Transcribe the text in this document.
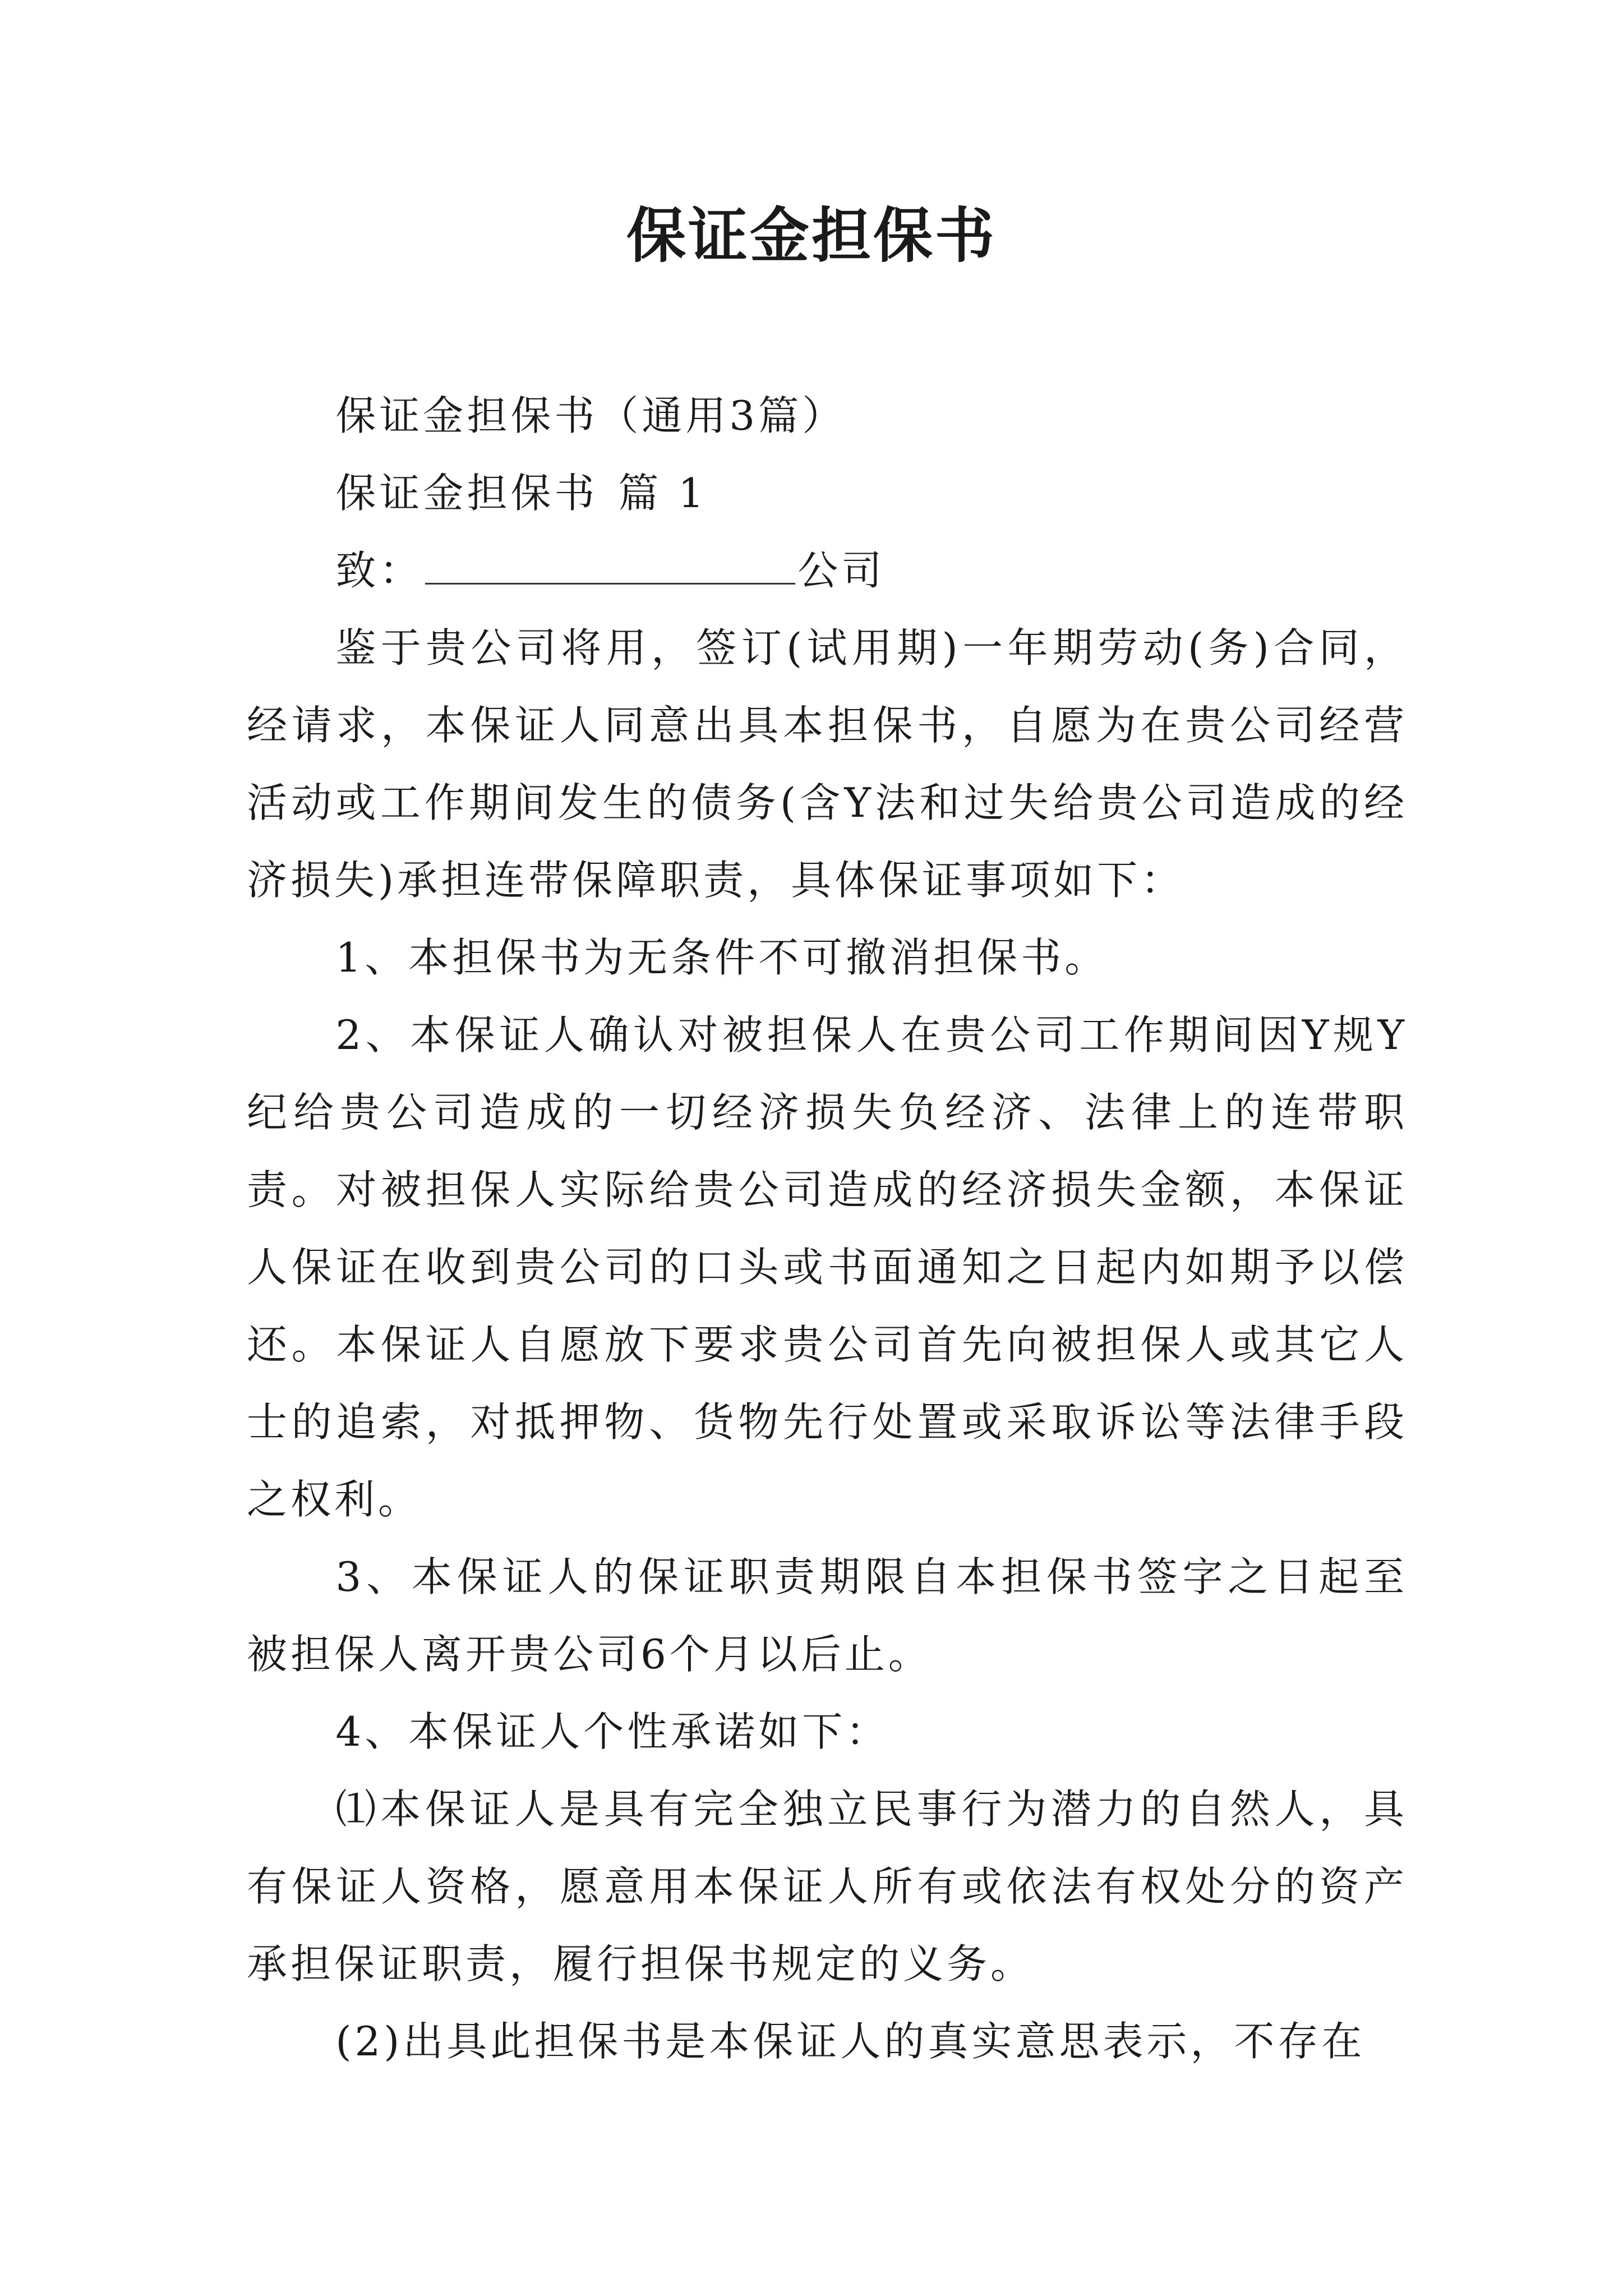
保证金担保书

保证金担保书（通用3篇）

保证金担保书 篇 1

致：	公司

鉴于贵公司将用，签订(试用期)一年期劳动(务)合同，经请求，本保证人同意出具本担保书，自愿为在贵公司经营活动或工作期间发生的债务(含Y法和过失给贵公司造成的经济损失)承担连带保障职责，具体保证事项如下：

1、本担保书为无条件不可撤消担保书。

2、本保证人确认对被担保人在贵公司工作期间因Y规Y纪给贵公司造成的一切经济损失负经济、法律上的连带职责。对被担保人实际给贵公司造成的经济损失金额，本保证人保证在收到贵公司的口头或书面通知之日起内如期予以偿还。本保证人自愿放下要求贵公司首先向被担保人或其它人士的追索，对抵押物、货物先行处置或采取诉讼等法律手段之权利。

3、本保证人的保证职责期限自本担保书签字之日起至被担保人离开贵公司6个月以后止。

4、本保证人个性承诺如下：

⑴本保证人是具有完全独立民事行为潜力的自然人，具有保证人资格，愿意用本保证人所有或依法有权处分的资产承担保证职责，履行担保书规定的义务。

(2)出具此担保书是本保证人的真实意思表示，不存在
